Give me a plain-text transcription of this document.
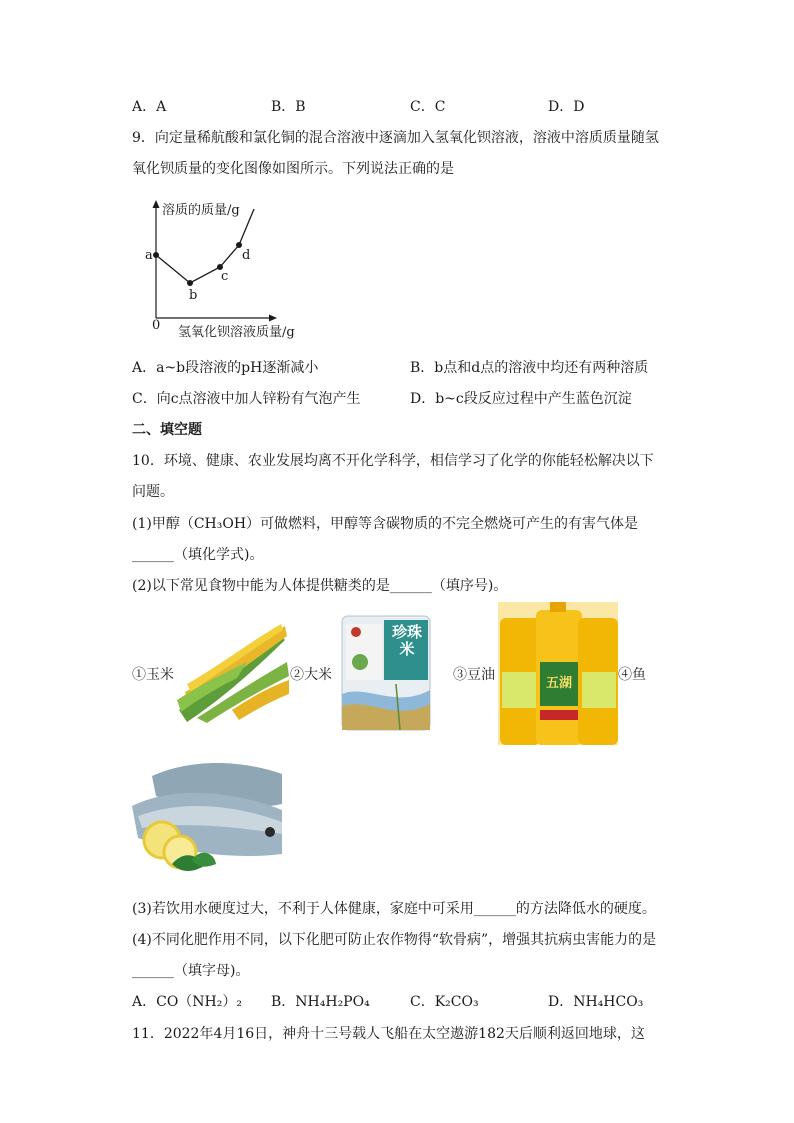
A．A	B．B	C．C	D．D
9．向定量稀航酸和氯化铜的混合溶液中逐滴加入氢氧化钡溶液，溶液中溶质质量随氢
氧化钡质量的变化图像如图所示。下列说法正确的是
溶质的质量/g
a
b
c
d
0 氢氧化钡溶液质量/g
A．a~b段溶液的pH逐渐减小	B．b点和d点的溶液中均还有两种溶质
C．向c点溶液中加人锌粉有气泡产生	D．b~c段反应过程中产生蓝色沉淀
二、填空题
10．环境、健康、农业发展均离不开化学科学，相信学习了化学的你能轻松解决以下
问题。
(1)甲醇（CH₃OH）可做燃料，甲醇等含碳物质的不完全燃烧可产生的有害气体是
______（填化学式)。
(2)以下常见食物中能为人体提供糖类的是______（填序号)。
①玉米	②大米
珍珠米
③豆油
五湖
④鱼
(3)若饮用水硬度过大，不利于人体健康，家庭中可采用______的方法降低水的硬度。
(4)不同化肥作用不同，以下化肥可防止农作物得“软骨病”，增强其抗病虫害能力的是
______（填字母)。
A．CO（NH₂）₂ B．NH₄H₂PO₄	C．K₂CO₃	D．NH₄HCO₃
11．2022年4月16日，神舟十三号载人飞船在太空遨游182天后顺利返回地球，这
